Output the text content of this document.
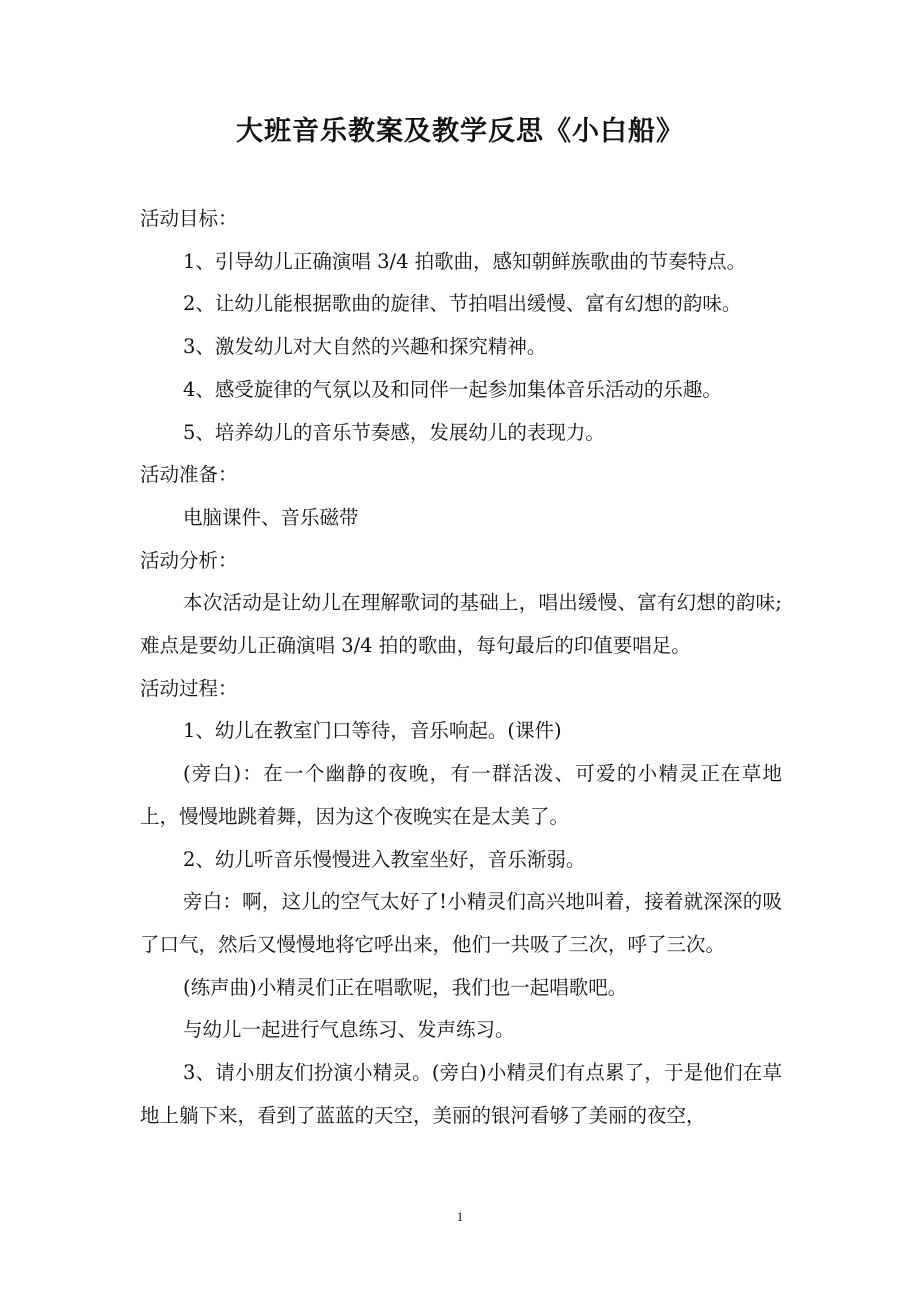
大班音乐教案及教学反思《小白船》

活动目标：

1、引导幼儿正确演唱 3/4 拍歌曲，感知朝鲜族歌曲的节奏特点。

2、让幼儿能根据歌曲的旋律、节拍唱出缓慢、富有幻想的韵味。

3、激发幼儿对大自然的兴趣和探究精神。

4、感受旋律的气氛以及和同伴一起参加集体音乐活动的乐趣。

5、培养幼儿的音乐节奏感，发展幼儿的表现力。

活动准备：

电脑课件、音乐磁带

活动分析：

本次活动是让幼儿在理解歌词的基础上，唱出缓慢、富有幻想的韵味;难点是要幼儿正确演唱 3/4 拍的歌曲，每句最后的印值要唱足。

活动过程：

1、幼儿在教室门口等待，音乐响起。(课件)

(旁白)：在一个幽静的夜晚，有一群活泼、可爱的小精灵正在草地上，慢慢地跳着舞，因为这个夜晚实在是太美了。

2、幼儿听音乐慢慢进入教室坐好，音乐渐弱。

旁白：啊，这儿的空气太好了!小精灵们高兴地叫着，接着就深深的吸了口气，然后又慢慢地将它呼出来，他们一共吸了三次，呼了三次。

(练声曲)小精灵们正在唱歌呢，我们也一起唱歌吧。

与幼儿一起进行气息练习、发声练习。

3、请小朋友们扮演小精灵。(旁白)小精灵们有点累了，于是他们在草地上躺下来，看到了蓝蓝的天空，美丽的银河看够了美丽的夜空，

1
